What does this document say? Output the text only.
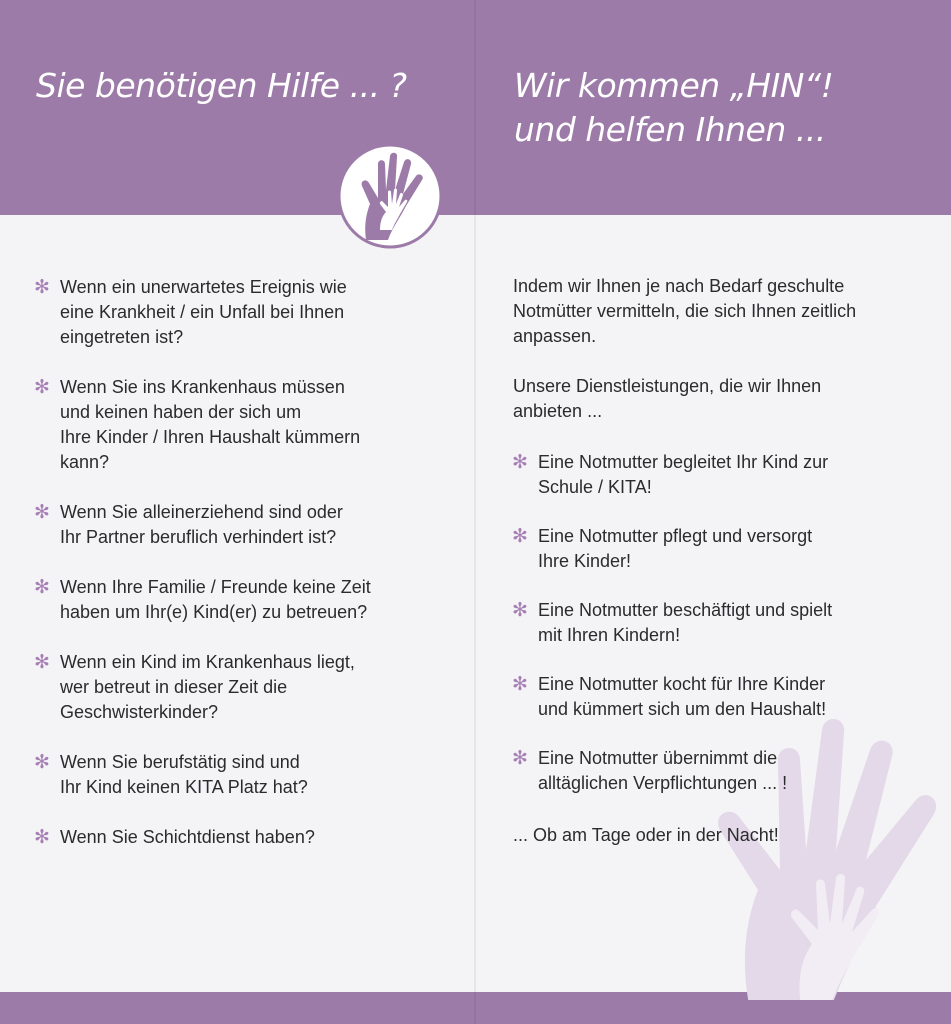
Sie benötigen Hilfe ... ?	Wir kommen „HIN“!
und helfen Ihnen ...
✻ Wenn ein unerwartetes Ereignis wie
eine Krankheit / ein Unfall bei Ihnen
eingetreten ist?
✻ Wenn Sie ins Krankenhaus müssen
und keinen haben der sich um
Ihre Kinder / Ihren Haushalt kümmern
kann?
✻ Wenn Sie alleinerziehend sind oder
Ihr Partner beruflich verhindert ist?
✻ Wenn Ihre Familie / Freunde keine Zeit
haben um Ihr(e) Kind(er) zu betreuen?
✻ Wenn ein Kind im Krankenhaus liegt,
wer betreut in dieser Zeit die
Geschwisterkinder?
✻ Wenn Sie berufstätig sind und
Ihr Kind keinen KITA Platz hat?
✻ Wenn Sie Schichtdienst haben?

Indem wir Ihnen je nach Bedarf geschulte
Notmütter vermitteln, die sich Ihnen zeitlich
anpassen.

Unsere Dienstleistungen, die wir Ihnen
anbieten ...

✻ Eine Notmutter begleitet Ihr Kind zur
Schule / KITA!
✻ Eine Notmutter pflegt und versorgt
Ihre Kinder!
✻ Eine Notmutter beschäftigt und spielt
mit Ihren Kindern!
✻ Eine Notmutter kocht für Ihre Kinder
und kümmert sich um den Haushalt!
✻ Eine Notmutter übernimmt die
alltäglichen Verpflichtungen ... !

... Ob am Tage oder in der Nacht!
